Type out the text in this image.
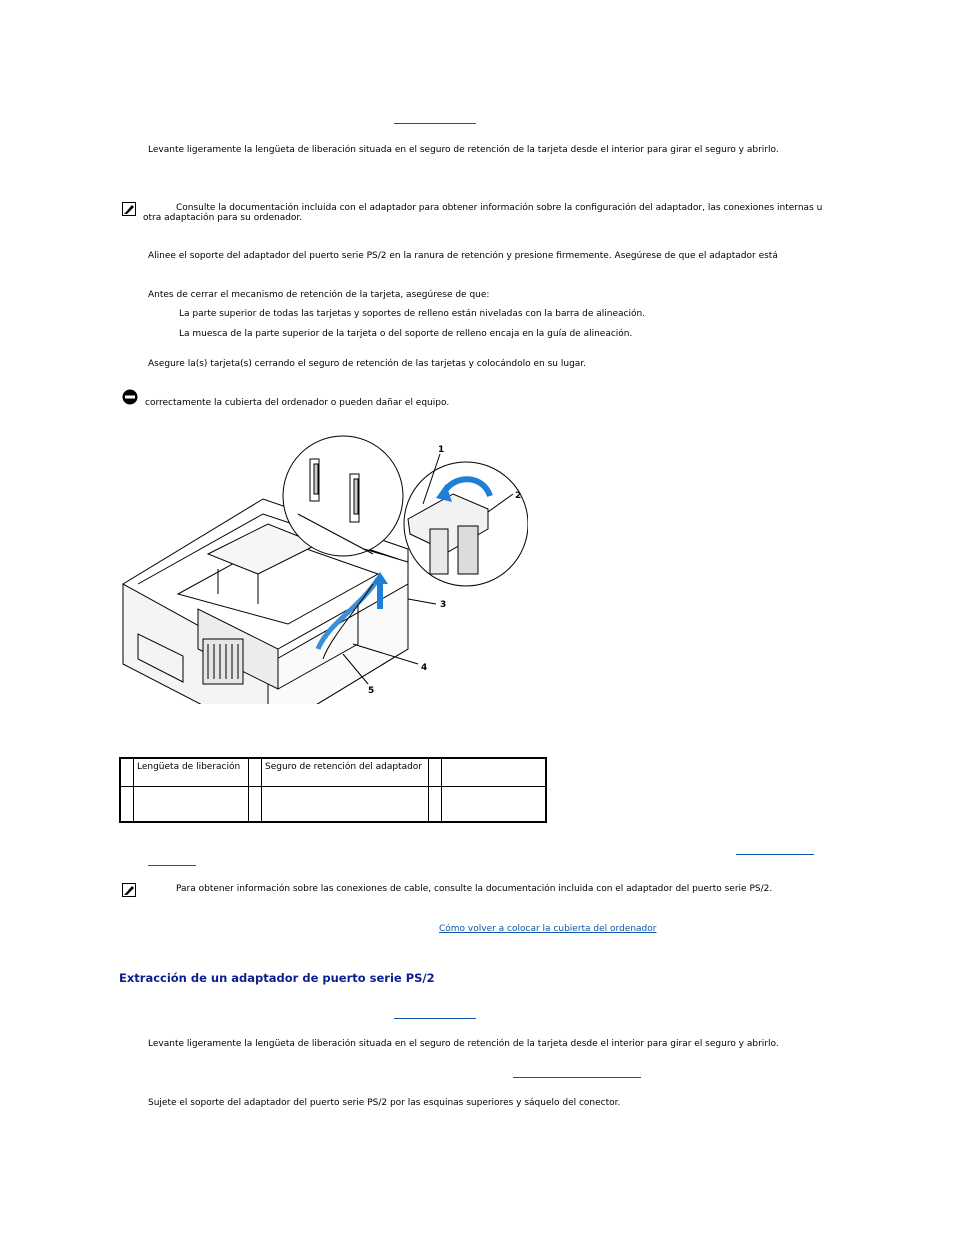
Levante ligeramente la lengüeta de liberación situada en el seguro de retención de la tarjeta desde el interior para girar el seguro y abrirlo.
Consulte la documentación incluida con el adaptador para obtener información sobre la configuración del adaptador, las conexiones internas u
otra adaptación para su ordenador.
Alinee el soporte del adaptador del puerto serie PS/2 en la ranura de retención y presione firmemente. Asegúrese de que el adaptador está
Antes de cerrar el mecanismo de retención de la tarjeta, asegúrese de que:
La parte superior de todas las tarjetas y soportes de relleno están niveladas con la barra de alineación.
La muesca de la parte superior de la tarjeta o del soporte de relleno encaja en la guía de alineación.
Asegure la(s) tarjeta(s) cerrando el seguro de retención de las tarjetas y colocándolo en su lugar.
correctamente la cubierta del ordenador o pueden dañar el equipo.
1
2
3
4
5
	Lengüeta de liberación		Seguro de retención del adaptador		

Para obtener información sobre las conexiones de cable, consulte la documentación incluida con el adaptador del puerto serie PS/2.
Cómo volver a colocar la cubierta del ordenador
Extracción de un adaptador de puerto serie PS/2
Levante ligeramente la lengüeta de liberación situada en el seguro de retención de la tarjeta desde el interior para girar el seguro y abrirlo.
Sujete el soporte del adaptador del puerto serie PS/2 por las esquinas superiores y sáquelo del conector.
